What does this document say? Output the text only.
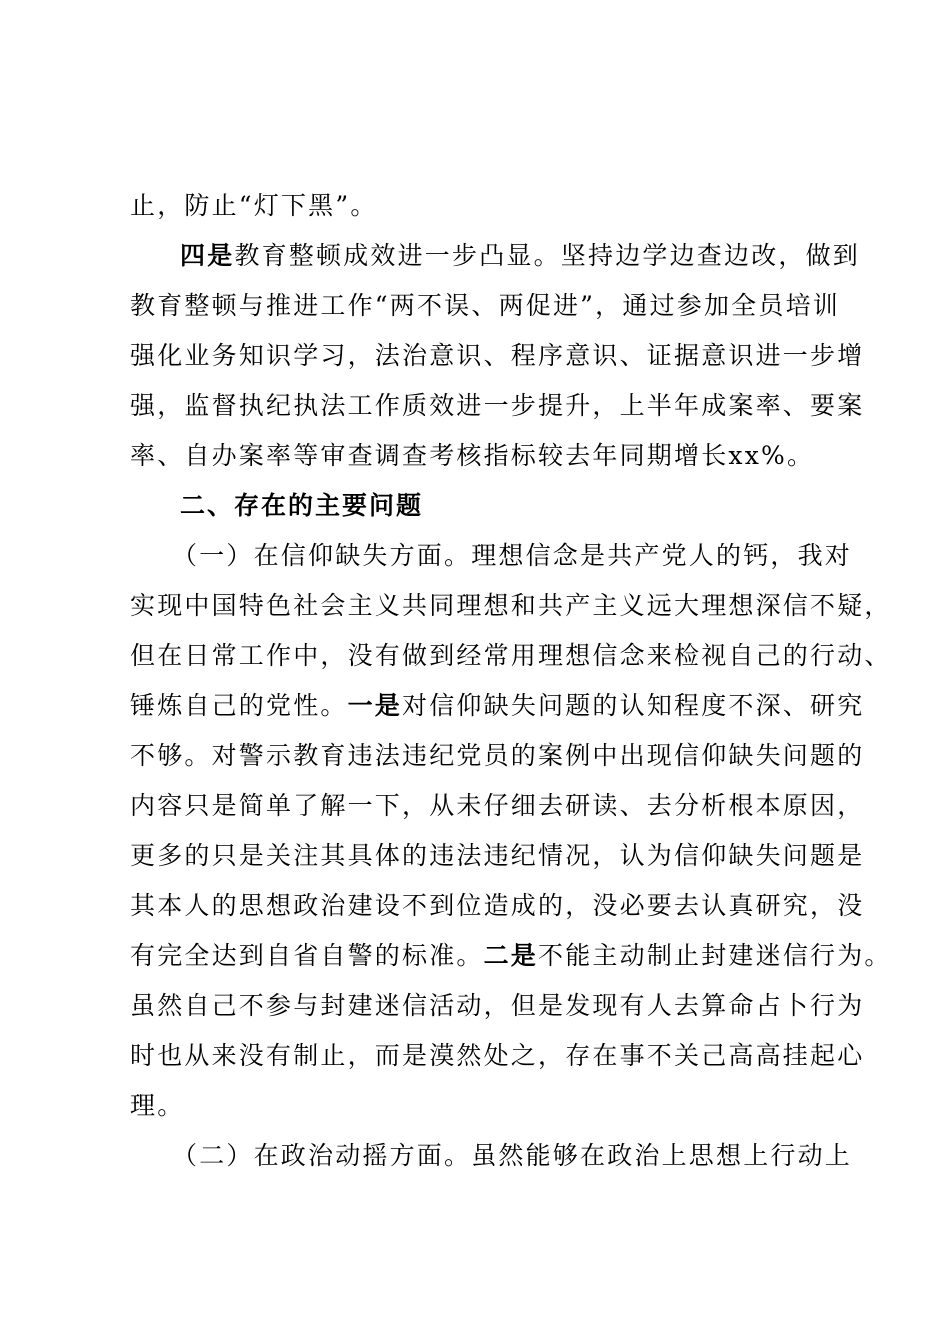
止，防止“灯下黑”。
四是教育整顿成效进一步凸显。坚持边学边查边改，做到
教育整顿与推进工作“两不误、两促进”，通过参加全员培训
强化业务知识学习，法治意识、程序意识、证据意识进一步增
强，监督执纪执法工作质效进一步提升，上半年成案率、要案
率、自办案率等审查调查考核指标较去年同期增长xx%。
二、存在的主要问题
（一）在信仰缺失方面。理想信念是共产党人的钙，我对
实现中国特色社会主义共同理想和共产主义远大理想深信不疑，
但在日常工作中，没有做到经常用理想信念来检视自己的行动、
锤炼自己的党性。一是对信仰缺失问题的认知程度不深、研究
不够。对警示教育违法违纪党员的案例中出现信仰缺失问题的
内容只是简单了解一下，从未仔细去研读、去分析根本原因，
更多的只是关注其具体的违法违纪情况，认为信仰缺失问题是
其本人的思想政治建设不到位造成的，没必要去认真研究，没
有完全达到自省自警的标准。二是不能主动制止封建迷信行为。
虽然自己不参与封建迷信活动，但是发现有人去算命占卜行为
时也从来没有制止，而是漠然处之，存在事不关己高高挂起心
理。
（二）在政治动摇方面。虽然能够在政治上思想上行动上
